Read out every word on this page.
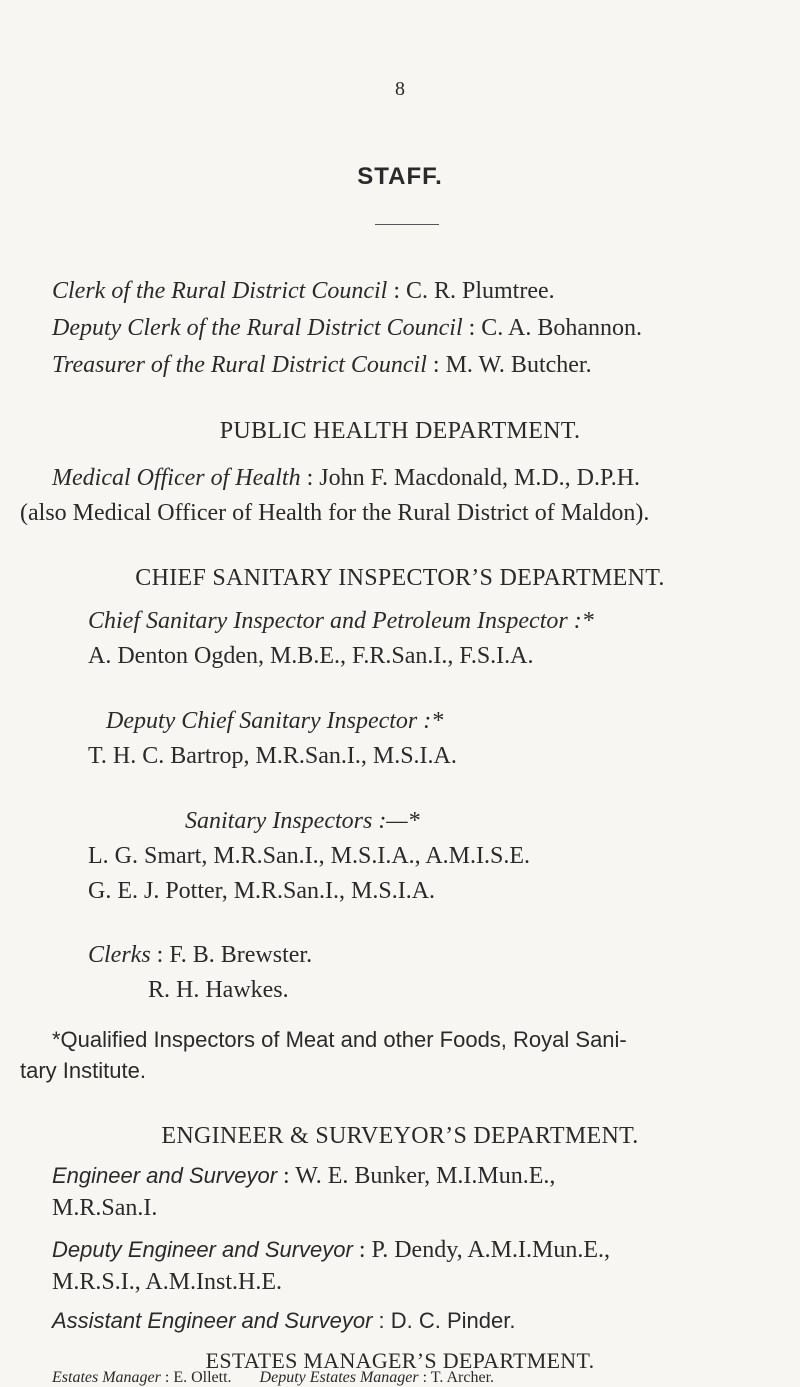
8
STAFF.
Clerk of the Rural District Council : C. R. Plumtree.
Deputy Clerk of the Rural District Council : C. A. Bohannon.
Treasurer of the Rural District Council : M. W. Butcher.
PUBLIC HEALTH DEPARTMENT.
Medical Officer of Health : John F. Macdonald, M.D., D.P.H.
(also Medical Officer of Health for the Rural District of Maldon).
CHIEF SANITARY INSPECTOR’S DEPARTMENT.
Chief Sanitary Inspector and Petroleum Inspector :*
A. Denton Ogden, M.B.E., F.R.San.I., F.S.I.A.
Deputy Chief Sanitary Inspector :*
T. H. C. Bartrop, M.R.San.I., M.S.I.A.
Sanitary Inspectors :—*
L. G. Smart, M.R.San.I., M.S.I.A., A.M.I.S.E.
G. E. J. Potter, M.R.San.I., M.S.I.A.
Clerks : F. B. Brewster.
R. H. Hawkes.
*Qualified Inspectors of Meat and other Foods, Royal Sani-
tary Institute.
ENGINEER & SURVEYOR’S DEPARTMENT.
Engineer and Surveyor : W. E. Bunker, M.I.Mun.E.,
M.R.San.I.
Deputy Engineer and Surveyor : P. Dendy, A.M.I.Mun.E.,
M.R.S.I., A.M.Inst.H.E.
Assistant Engineer and Surveyor : D. C. Pinder.
ESTATES MANAGER’S DEPARTMENT.
Estates Manager : E. Ollett. Deputy Estates Manager : T. Archer.
